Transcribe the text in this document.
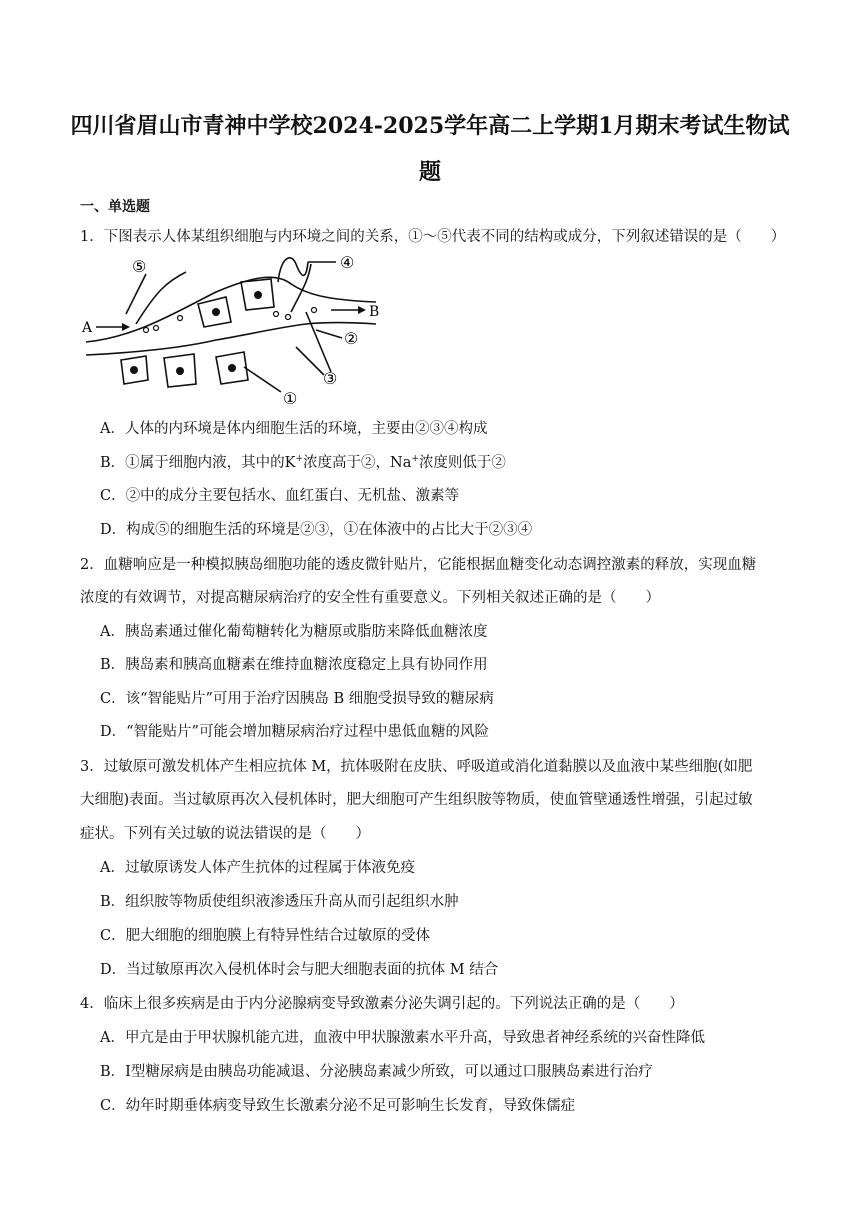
四川省眉山市青神中学校2024-2025学年高二上学期1月期末考试生物试
题
一、单选题
1．下图表示人体某组织细胞与内环境之间的关系，①～⑤代表不同的结构或成分，下列叙述错误的是（　　）
A
B
⑤	④
②
③
①
A．人体的内环境是体内细胞生活的环境，主要由②③④构成
B．①属于细胞内液，其中的K+浓度高于②，Na+浓度则低于②
C．②中的成分主要包括水、血红蛋白、无机盐、激素等
D．构成⑤的细胞生活的环境是②③，①在体液中的占比大于②③④
2．血糖响应是一种模拟胰岛细胞功能的透皮微针贴片，它能根据血糖变化动态调控激素的释放，实现血糖
浓度的有效调节，对提高糖尿病治疗的安全性有重要意义。下列相关叙述正确的是（　　）
A．胰岛素通过催化葡萄糖转化为糖原或脂肪来降低血糖浓度
B．胰岛素和胰高血糖素在维持血糖浓度稳定上具有协同作用
C．该“智能贴片”可用于治疗因胰岛 B 细胞受损导致的糖尿病
D．“智能贴片”可能会增加糖尿病治疗过程中患低血糖的风险
3．过敏原可激发机体产生相应抗体 M，抗体吸附在皮肤、呼吸道或消化道黏膜以及血液中某些细胞(如肥
大细胞)表面。当过敏原再次入侵机体时，肥大细胞可产生组织胺等物质，使血管壁通透性增强，引起过敏
症状。下列有关过敏的说法错误的是（　　）
A．过敏原诱发人体产生抗体的过程属于体液免疫
B．组织胺等物质使组织液渗透压升高从而引起组织水肿
C．肥大细胞的细胞膜上有特异性结合过敏原的受体
D．当过敏原再次入侵机体时会与肥大细胞表面的抗体 M 结合
4．临床上很多疾病是由于内分泌腺病变导致激素分泌失调引起的。下列说法正确的是（　　）
A．甲亢是由于甲状腺机能亢进，血液中甲状腺激素水平升高，导致患者神经系统的兴奋性降低
B．Ⅰ型糖尿病是由胰岛功能减退、分泌胰岛素减少所致，可以通过口服胰岛素进行治疗
C．幼年时期垂体病变导致生长激素分泌不足可影响生长发育，导致侏儒症
